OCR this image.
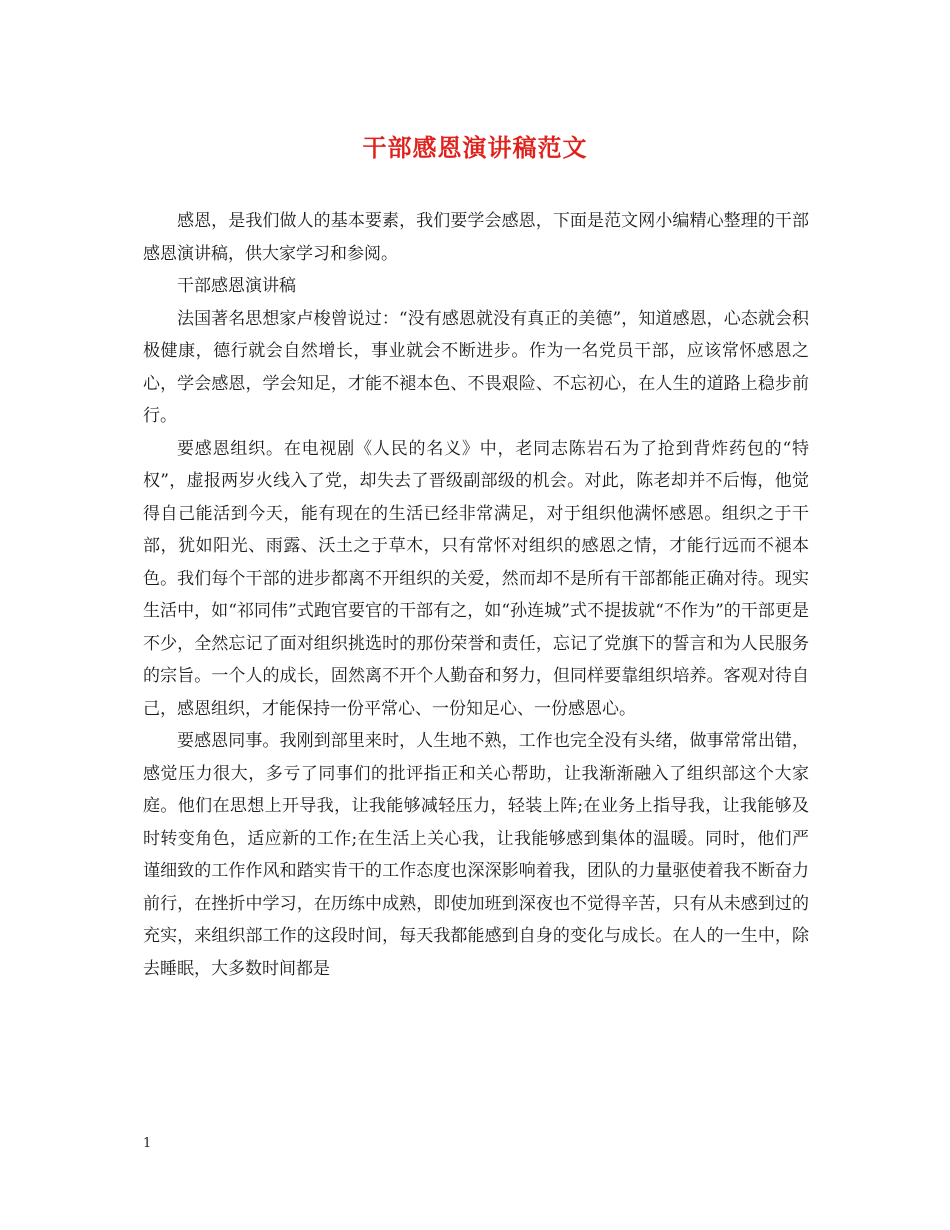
干部感恩演讲稿范文

感恩，是我们做人的基本要素，我们要学会感恩，下面是范文网小编精心整理的干部感恩演讲稿，供大家学习和参阅。

干部感恩演讲稿

法国著名思想家卢梭曾说过：“没有感恩就没有真正的美德”，知道感恩，心态就会积极健康，德行就会自然增长，事业就会不断进步。作为一名党员干部，应该常怀感恩之心，学会感恩，学会知足，才能不褪本色、不畏艰险、不忘初心，在人生的道路上稳步前行。

要感恩组织。在电视剧《人民的名义》中，老同志陈岩石为了抢到背炸药包的“特权”，虚报两岁火线入了党，却失去了晋级副部级的机会。对此，陈老却并不后悔，他觉得自己能活到今天，能有现在的生活已经非常满足，对于组织他满怀感恩。组织之于干部，犹如阳光、雨露、沃土之于草木，只有常怀对组织的感恩之情，才能行远而不褪本色。我们每个干部的进步都离不开组织的关爱，然而却不是所有干部都能正确对待。现实生活中，如“祁同伟”式跑官要官的干部有之，如“孙连城”式不提拔就“不作为”的干部更是不少，全然忘记了面对组织挑选时的那份荣誉和责任，忘记了党旗下的誓言和为人民服务的宗旨。一个人的成长，固然离不开个人勤奋和努力，但同样要靠组织培养。客观对待自己，感恩组织，才能保持一份平常心、一份知足心、一份感恩心。

要感恩同事。我刚到部里来时，人生地不熟，工作也完全没有头绪，做事常常出错，感觉压力很大，多亏了同事们的批评指正和关心帮助，让我渐渐融入了组织部这个大家庭。他们在思想上开导我，让我能够减轻压力，轻装上阵;在业务上指导我，让我能够及时转变角色，适应新的工作;在生活上关心我，让我能够感到集体的温暖。同时，他们严谨细致的工作作风和踏实肯干的工作态度也深深影响着我，团队的力量驱使着我不断奋力前行，在挫折中学习，在历练中成熟，即使加班到深夜也不觉得辛苦，只有从未感到过的充实，来组织部工作的这段时间，每天我都能感到自身的变化与成长。在人的一生中，除去睡眠，大多数时间都是

1
